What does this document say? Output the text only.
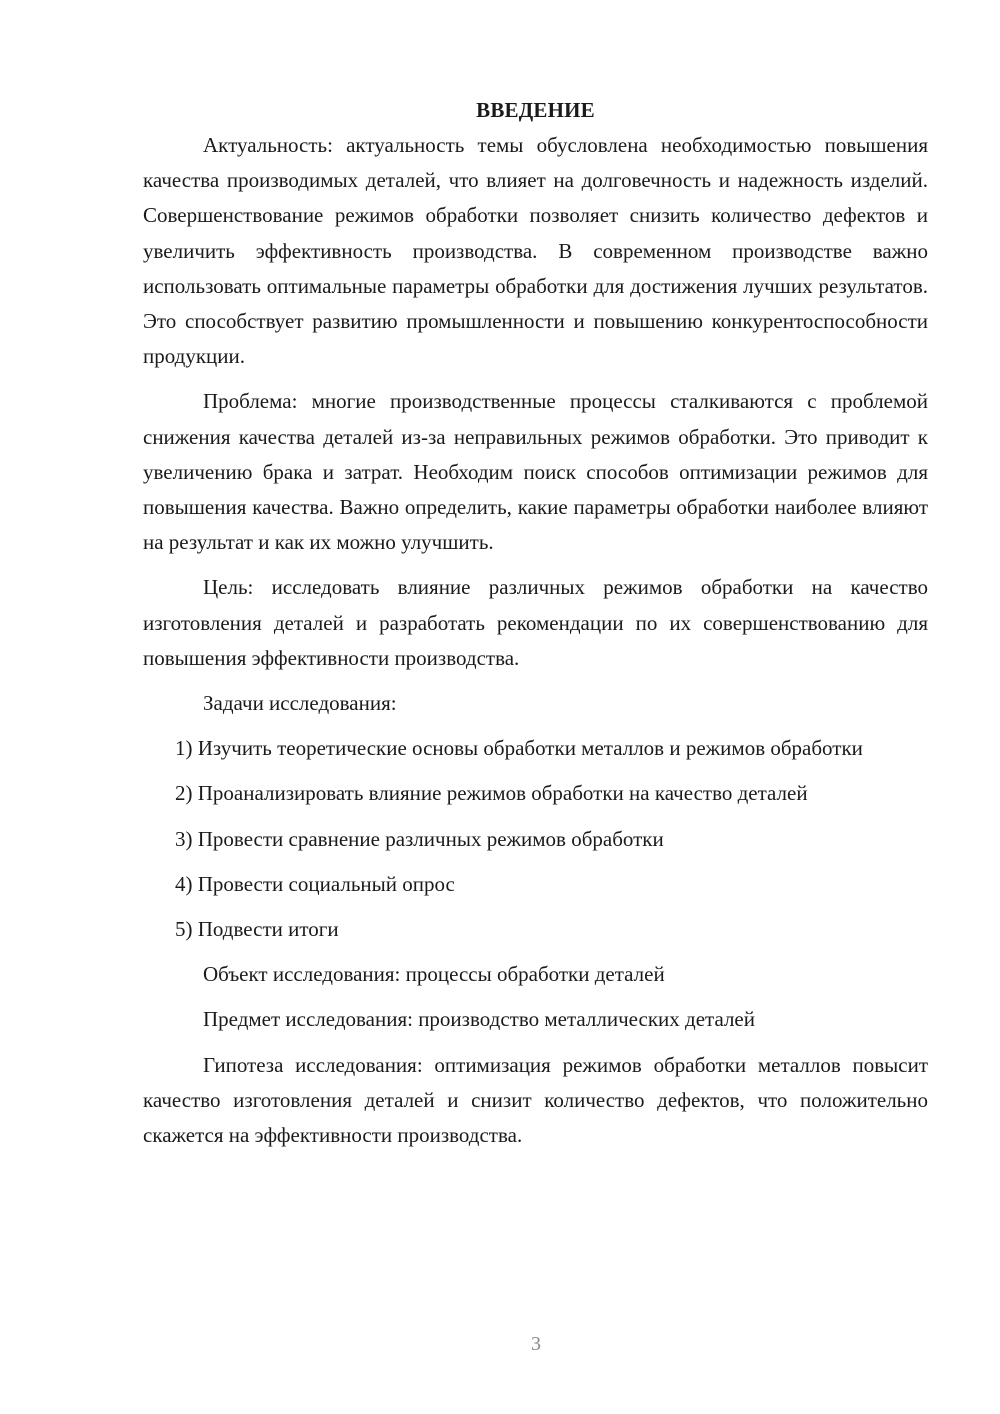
ВВЕДЕНИЕ

Актуальность: актуальность темы обусловлена необходимостью повышения качества производимых деталей, что влияет на долговечность и надежность изделий. Совершенствование режимов обработки позволяет снизить количество дефектов и увеличить эффективность производства. В современном производстве важно использовать оптимальные параметры обработки для достижения лучших результатов. Это способствует развитию промышленности и повышению конкурентоспособности продукции.

Проблема: многие производственные процессы сталкиваются с проблемой снижения качества деталей из-за неправильных режимов обработки. Это приводит к увеличению брака и затрат. Необходим поиск способов оптимизации режимов для повышения качества. Важно определить, какие параметры обработки наиболее влияют на результат и как их можно улучшить.

Цель: исследовать влияние различных режимов обработки на качество изготовления деталей и разработать рекомендации по их совершенствованию для повышения эффективности производства.

Задачи исследования:

1) Изучить теоретические основы обработки металлов и режимов обработки

2) Проанализировать влияние режимов обработки на качество деталей

3) Провести сравнение различных режимов обработки

4) Провести социальный опрос

5) Подвести итоги

Объект исследования: процессы обработки деталей

Предмет исследования: производство металлических деталей

Гипотеза исследования: оптимизация режимов обработки металлов повысит качество изготовления деталей и снизит количество дефектов, что положительно скажется на эффективности производства.

3
